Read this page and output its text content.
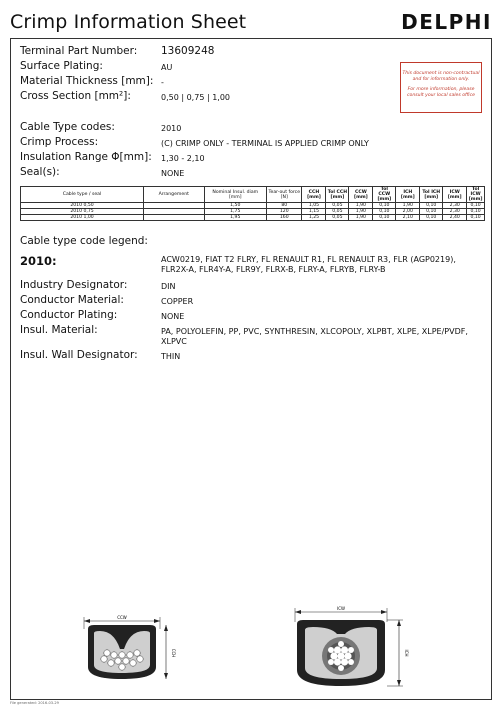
Crimp Information Sheet	DELPHI
Terminal Part Number: 13609248
Surface Plating:	AU
Material Thickness [mm]: -
Cross Section [mm²]:	0,50 | 0,75 | 1,00
This document is non-contractual
and for information only.
For more information, please
consult your local sales office
Cable Type codes:	2010
Crimp Process:	(C) CRIMP ONLY - TERMINAL IS APPLIED CRIMP ONLY
Insulation Range Φ[mm]: 1,30 - 2,10
Seal(s):	NONE
Cable type / seal	Arrangement	Nominal Insul. diam [mm]	Tear-out force [N]	CCH [mm]	Tol CCH [mm]	CCW [mm]	Tol CCW [mm]	ICH [mm]	Tol ICH [mm]	ICW [mm]	Tol ICW [mm]
2010 0,50		1,50	80	1,05	0,05	1,90	0,10	1,90	0,10	2,30	0,10
2010 0,75		1,75	120	1,15	0,05	1,90	0,10	2,00	0,10	2,30	0,10
2010 1,00		1,95	160	1,25	0,05	1,90	0,10	2,10	0,10	2,40	0,10
Cable type code legend:
2010:	ACW0219, FIAT T2 FLRY, FL RENAULT R1, FL RENAULT R3, FLR (AGP0219), FLR2X-A, FLR4Y-A, FLR9Y, FLRX-B, FLRY-A, FLRYB, FLRY-B
Industry Designator:	DIN
Conductor Material:	COPPER
Conductor Plating:	NONE
Insul. Material:	PA, POLYOLEFIN, PP, PVC, SYNTHRESIN, XLCOPOLY, XLPBT, XLPE, XLPE/PVDF, XLPVC
Insul. Wall Designator:	THIN
CCW
CCH
ICW
ICH
File generated: 2016-03-29
